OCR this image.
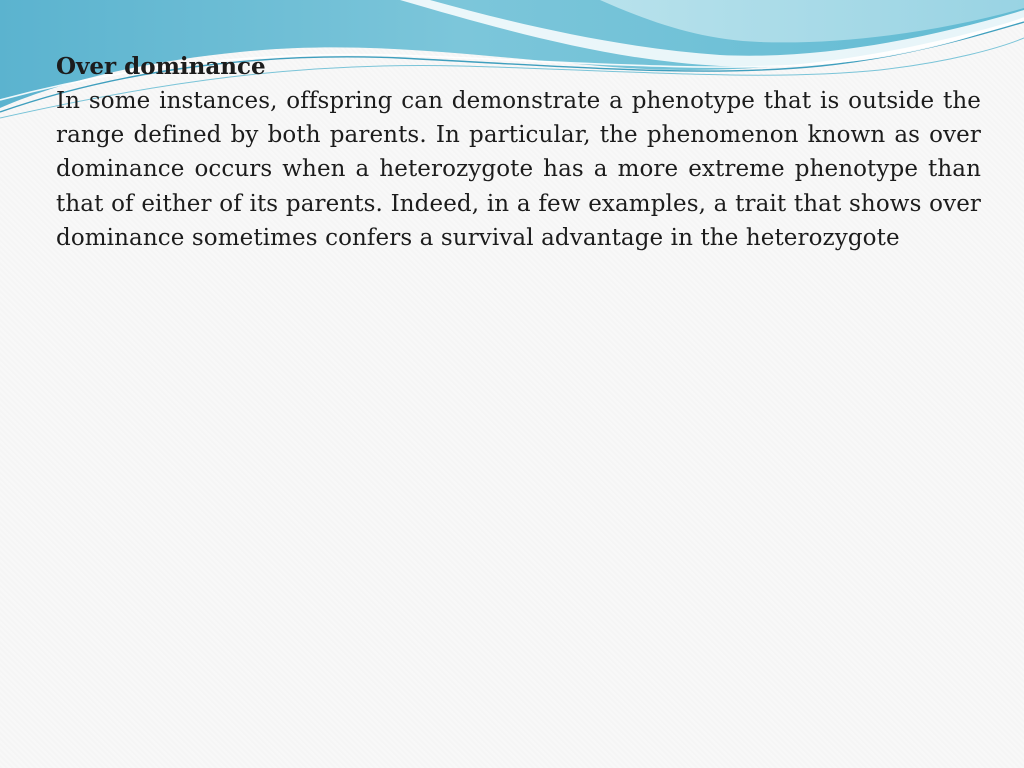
Over dominance

In some instances, offspring can demonstrate a phenotype that is outside the range defined by both parents. In particular, the phenomenon known as over dominance occurs when a heterozygote has a more extreme phenotype than that of either of its parents. Indeed, in a few examples, a trait that shows over dominance sometimes confers a survival advantage in the heterozygote
